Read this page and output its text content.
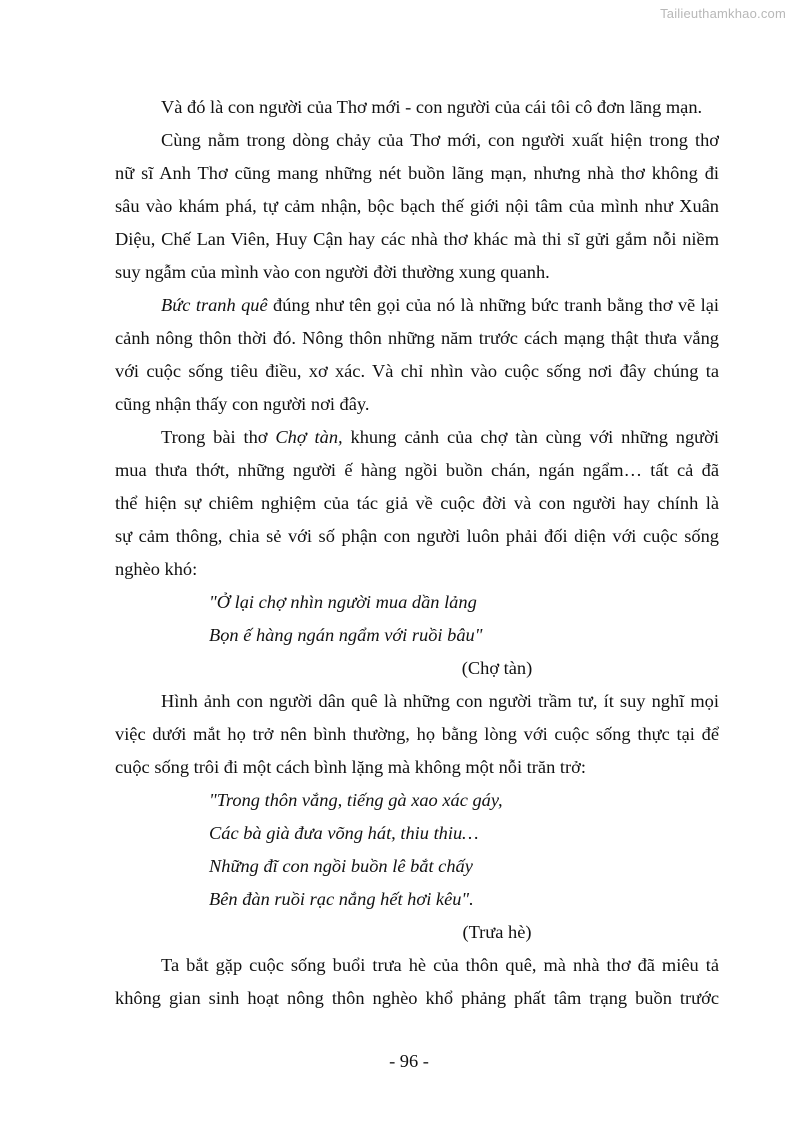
Tailieuthamkhao.com
Và đó là con người của Thơ mới - con người của cái tôi cô đơn lãng mạn.
Cùng nằm trong dòng chảy của Thơ mới, con người xuất hiện trong thơ
nữ sĩ Anh Thơ cũng mang những nét buồn lãng mạn, nhưng nhà thơ không đi
sâu vào khám phá, tự cảm nhận, bộc bạch thế giới nội tâm của mình như Xuân
Diệu, Chế Lan Viên, Huy Cận hay các nhà thơ khác mà thi sĩ gửi gắm nỗi niềm
suy ngẫm của mình vào con người đời thường xung quanh.
Bức tranh quê đúng như tên gọi của nó là những bức tranh bằng thơ vẽ lại
cảnh nông thôn thời đó. Nông thôn những năm trước cách mạng thật thưa vắng
với cuộc sống tiêu điều, xơ xác. Và chỉ nhìn vào cuộc sống nơi đây chúng ta
cũng nhận thấy con người nơi đây.
Trong bài thơ Chợ tàn, khung cảnh của chợ tàn cùng với những người
mua thưa thớt, những người ế hàng ngồi buồn chán, ngán ngẩm… tất cả đã
thể hiện sự chiêm nghiệm của tác giả về cuộc đời và con người hay chính là
sự cảm thông, chia sẻ với số phận con người luôn phải đối diện với cuộc sống
nghèo khó:
"Ở lại chợ nhìn người mua dần lảng
Bọn ế hàng ngán ngẩm với ruồi bâu"
(Chợ tàn)
Hình ảnh con người dân quê là những con người trầm tư, ít suy nghĩ mọi
việc dưới mắt họ trở nên bình thường, họ bằng lòng với cuộc sống thực tại để
cuộc sống trôi đi một cách bình lặng mà không một nỗi trăn trở:
"Trong thôn vắng, tiếng gà xao xác gáy,
Các bà già đưa võng hát, thiu thiu…
Những đĩ con ngồi buồn lê bắt chấy
Bên đàn ruồi rạc nắng hết hơi kêu".
(Trưa hè)
Ta bắt gặp cuộc sống buổi trưa hè của thôn quê, mà nhà thơ đã miêu tả
không gian sinh hoạt nông thôn nghèo khổ phảng phất tâm trạng buồn trước
- 96 -
